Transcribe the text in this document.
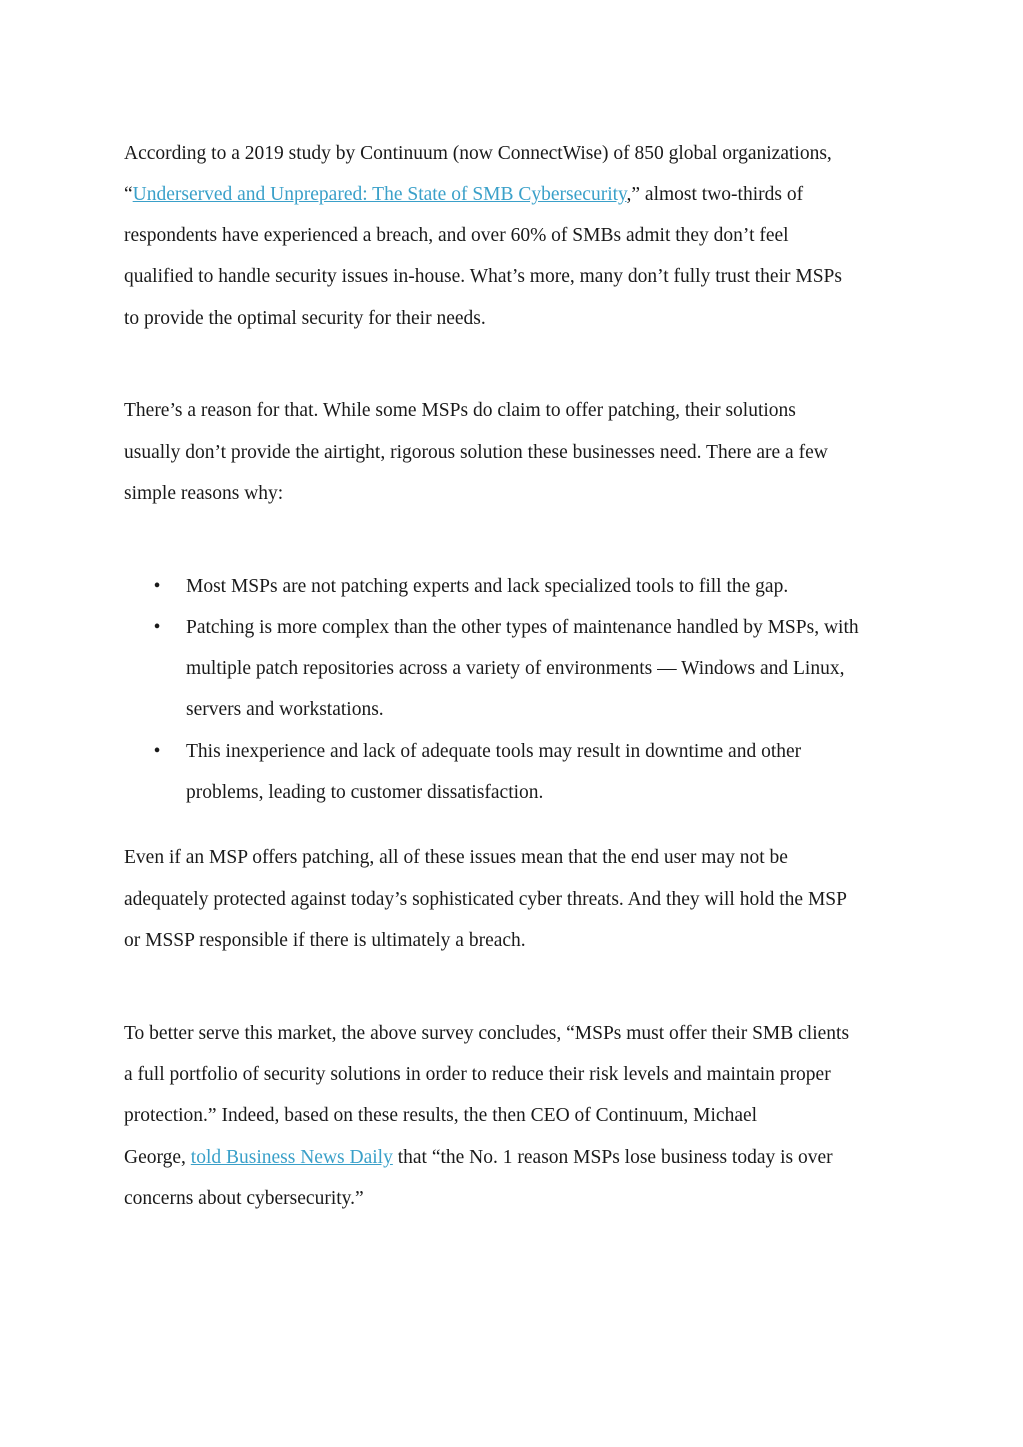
According to a 2019 study by Continuum (now ConnectWise) of 850 global organizations,
“Underserved and Unprepared: The State of SMB Cybersecurity,” almost two-thirds of
respondents have experienced a breach, and over 60% of SMBs admit they don’t feel
qualified to handle security issues in-house. What’s more, many don’t fully trust their MSPs
to provide the optimal security for their needs.
There’s a reason for that. While some MSPs do claim to offer patching, their solutions
usually don’t provide the airtight, rigorous solution these businesses need. There are a few
simple reasons why:
• Most MSPs are not patching experts and lack specialized tools to fill the gap.
• Patching is more complex than the other types of maintenance handled by MSPs, with
multiple patch repositories across a variety of environments — Windows and Linux,
servers and workstations.
• This inexperience and lack of adequate tools may result in downtime and other
problems, leading to customer dissatisfaction.
Even if an MSP offers patching, all of these issues mean that the end user may not be
adequately protected against today’s sophisticated cyber threats. And they will hold the MSP
or MSSP responsible if there is ultimately a breach.
To better serve this market, the above survey concludes, “MSPs must offer their SMB clients
a full portfolio of security solutions in order to reduce their risk levels and maintain proper
protection.” Indeed, based on these results, the then CEO of Continuum, Michael
George, told Business News Daily that “the No. 1 reason MSPs lose business today is over
concerns about cybersecurity.”
